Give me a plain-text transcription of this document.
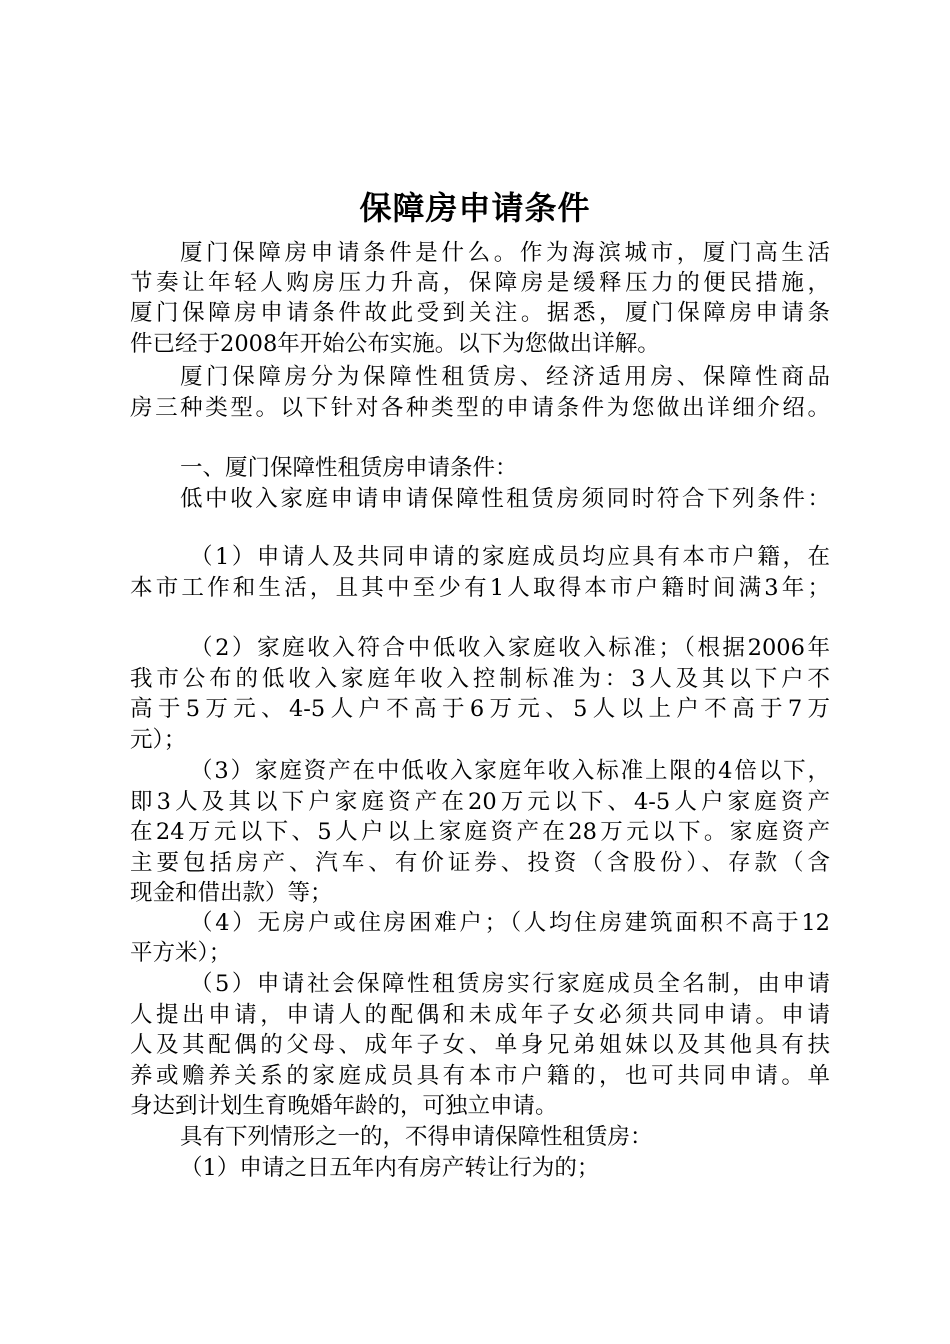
保障房申请条件
厦门保障房申请条件是什么。作为海滨城市，厦门高生活
节奏让年轻人购房压力升高，保障房是缓释压力的便民措施，
厦门保障房申请条件故此受到关注。据悉，厦门保障房申请条
件已经于2008年开始公布实施。以下为您做出详解。
厦门保障房分为保障性租赁房、经济适用房、保障性商品
房三种类型。以下针对各种类型的申请条件为您做出详细介绍。
一、厦门保障性租赁房申请条件：
低中收入家庭申请申请保障性租赁房须同时符合下列条件：
（1）申请人及共同申请的家庭成员均应具有本市户籍，在
本市工作和生活，且其中至少有1人取得本市户籍时间满3年；
（2）家庭收入符合中低收入家庭收入标准；（根据2006年
我市公布的低收入家庭年收入控制标准为：3人及其以下户不
高于5万元、4-5人户不高于6万元、5人以上户不高于7万
元）；
（3）家庭资产在中低收入家庭年收入标准上限的4倍以下，
即3人及其以下户家庭资产在20万元以下、4-5人户家庭资产
在24万元以下、5人户以上家庭资产在28万元以下。家庭资产
主要包括房产、汽车、有价证券、投资（含股份）、存款（含
现金和借出款）等；
（4）无房户或住房困难户；（人均住房建筑面积不高于12
平方米）；
（5）申请社会保障性租赁房实行家庭成员全名制，由申请
人提出申请，申请人的配偶和未成年子女必须共同申请。申请
人及其配偶的父母、成年子女、单身兄弟姐妹以及其他具有扶
养或赡养关系的家庭成员具有本市户籍的，也可共同申请。单
身达到计划生育晚婚年龄的，可独立申请。
具有下列情形之一的，不得申请保障性租赁房：
（1）申请之日五年内有房产转让行为的；
